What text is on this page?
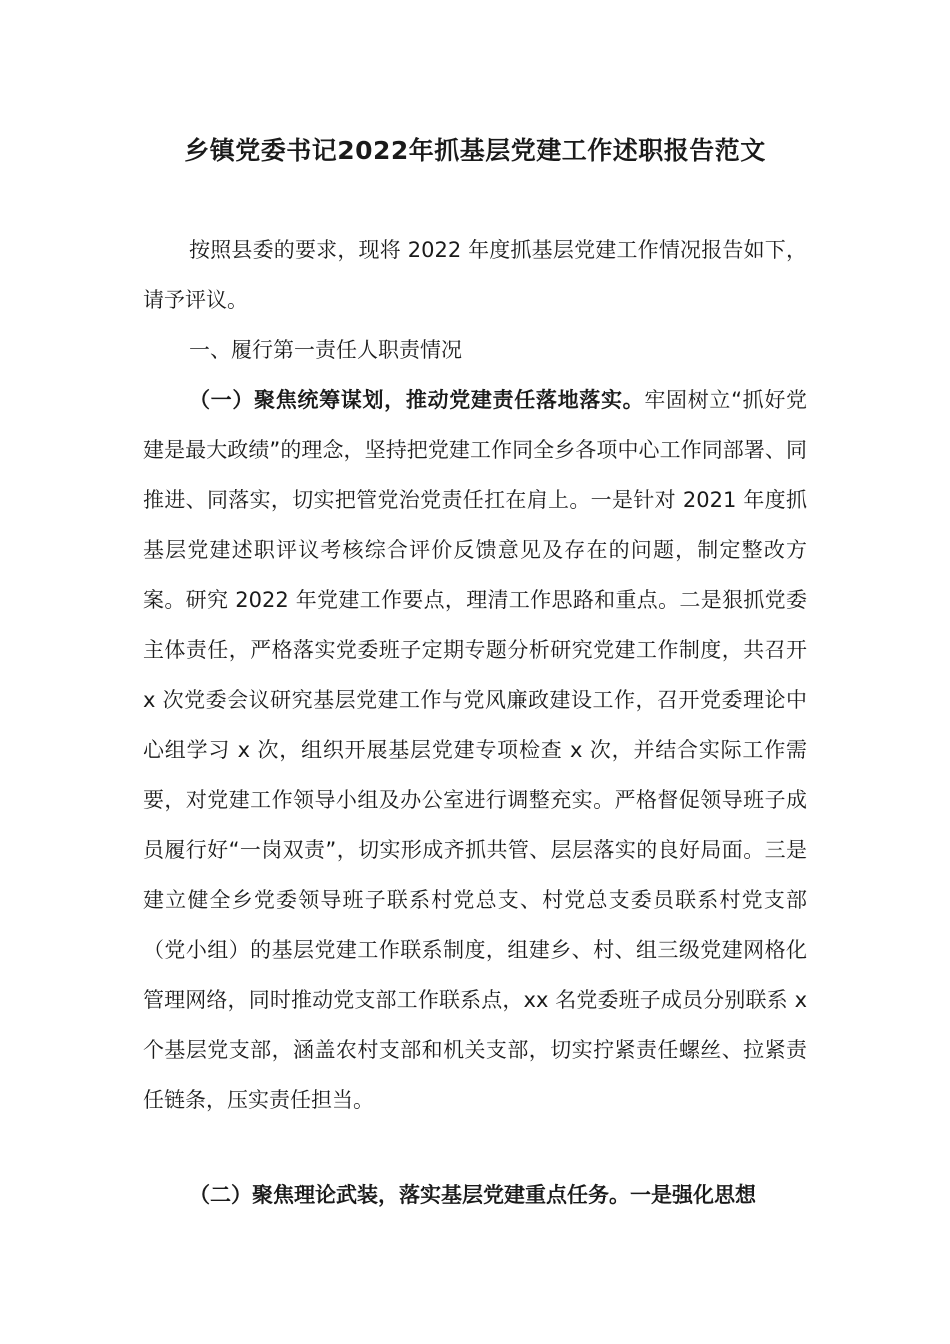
乡镇党委书记2022年抓基层党建工作述职报告范文
按照县委的要求，现将 2022 年度抓基层党建工作情况报告如下，请予评议。
一、履行第一责任人职责情况
（一）聚焦统筹谋划，推动党建责任落地落实。牢固树立“抓好党建是最大政绩”的理念，坚持把党建工作同全乡各项中心工作同部署、同推进、同落实，切实把管党治党责任扛在肩上。一是针对 2021 年度抓基层党建述职评议考核综合评价反馈意见及存在的问题，制定整改方案。研究 2022 年党建工作要点，理清工作思路和重点。二是狠抓党委主体责任，严格落实党委班子定期专题分析研究党建工作制度，共召开 x 次党委会议研究基层党建工作与党风廉政建设工作，召开党委理论中心组学习 x 次，组织开展基层党建专项检查 x 次，并结合实际工作需要，对党建工作领导小组及办公室进行调整充实。严格督促领导班子成员履行好“一岗双责”，切实形成齐抓共管、层层落实的良好局面。三是建立健全乡党委领导班子联系村党总支、村党总支委员联系村党支部（党小组）的基层党建工作联系制度，组建乡、村、组三级党建网格化管理网络，同时推动党支部工作联系点，xx 名党委班子成员分别联系 x 个基层党支部，涵盖农村支部和机关支部，切实拧紧责任螺丝、拉紧责任链条，压实责任担当。
（二）聚焦理论武装，落实基层党建重点任务。一是强化思想
